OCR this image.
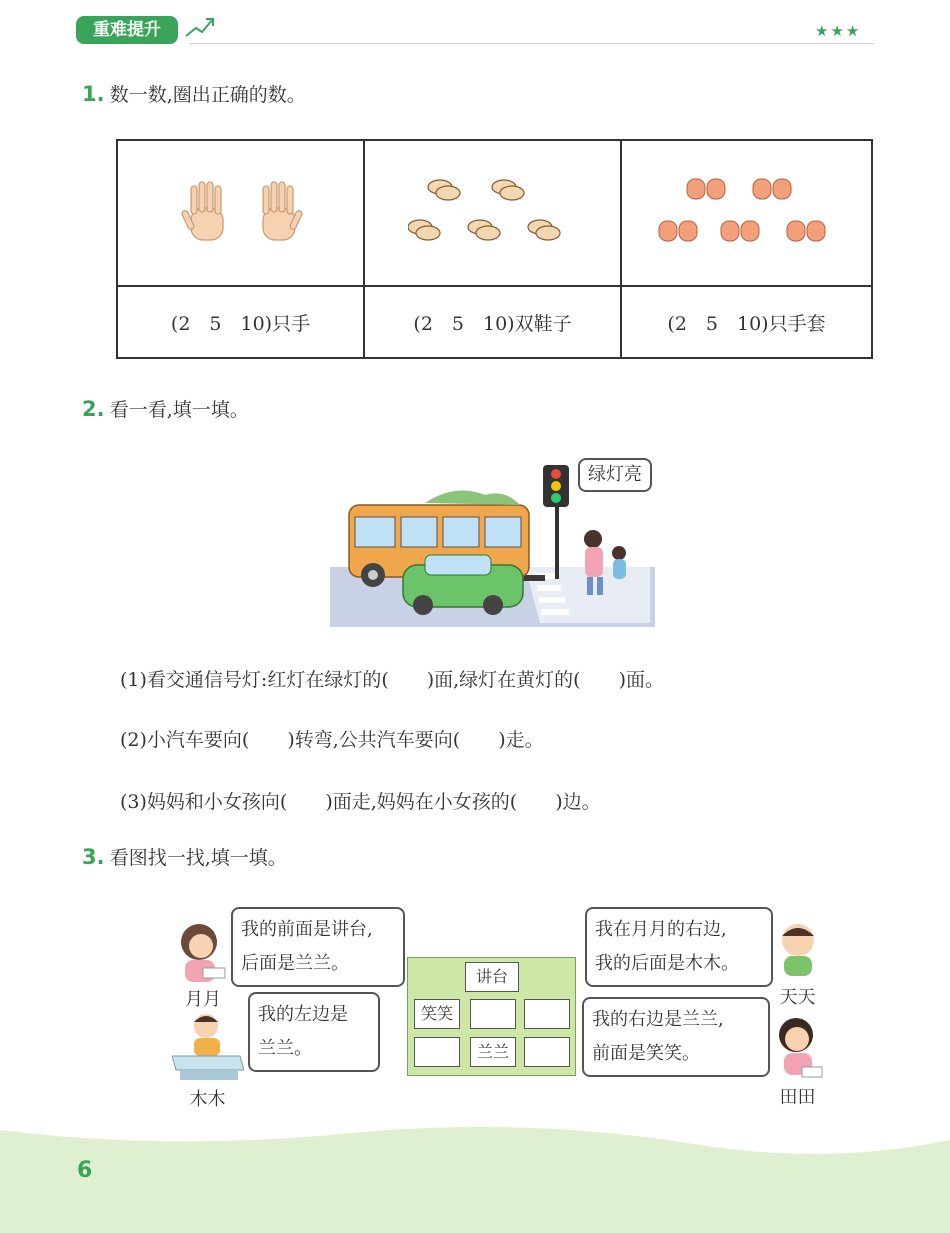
重难提升	★★★
1. 数一数,圈出正确的数。

(2　5　10)只手	(2　5　10)双鞋子	(2　5　10)只手套
2. 看一看,填一填。
绿灯亮
(1)看交通信号灯:红灯在绿灯的(　　)面,绿灯在黄灯的(　　)面。
(2)小汽车要向(　　)转弯,公共汽车要向(　　)走。
(3)妈妈和小女孩向(　　)面走,妈妈在小女孩的(　　)边。
3. 看图找一找,填一填。
月月
我的前面是讲台,
后面是兰兰。
木木
我的左边是
兰兰。
讲台
笑笑
兰兰
我在月月的右边,
我的后面是木木。
天天
我的右边是兰兰,
前面是笑笑。
田田
6
